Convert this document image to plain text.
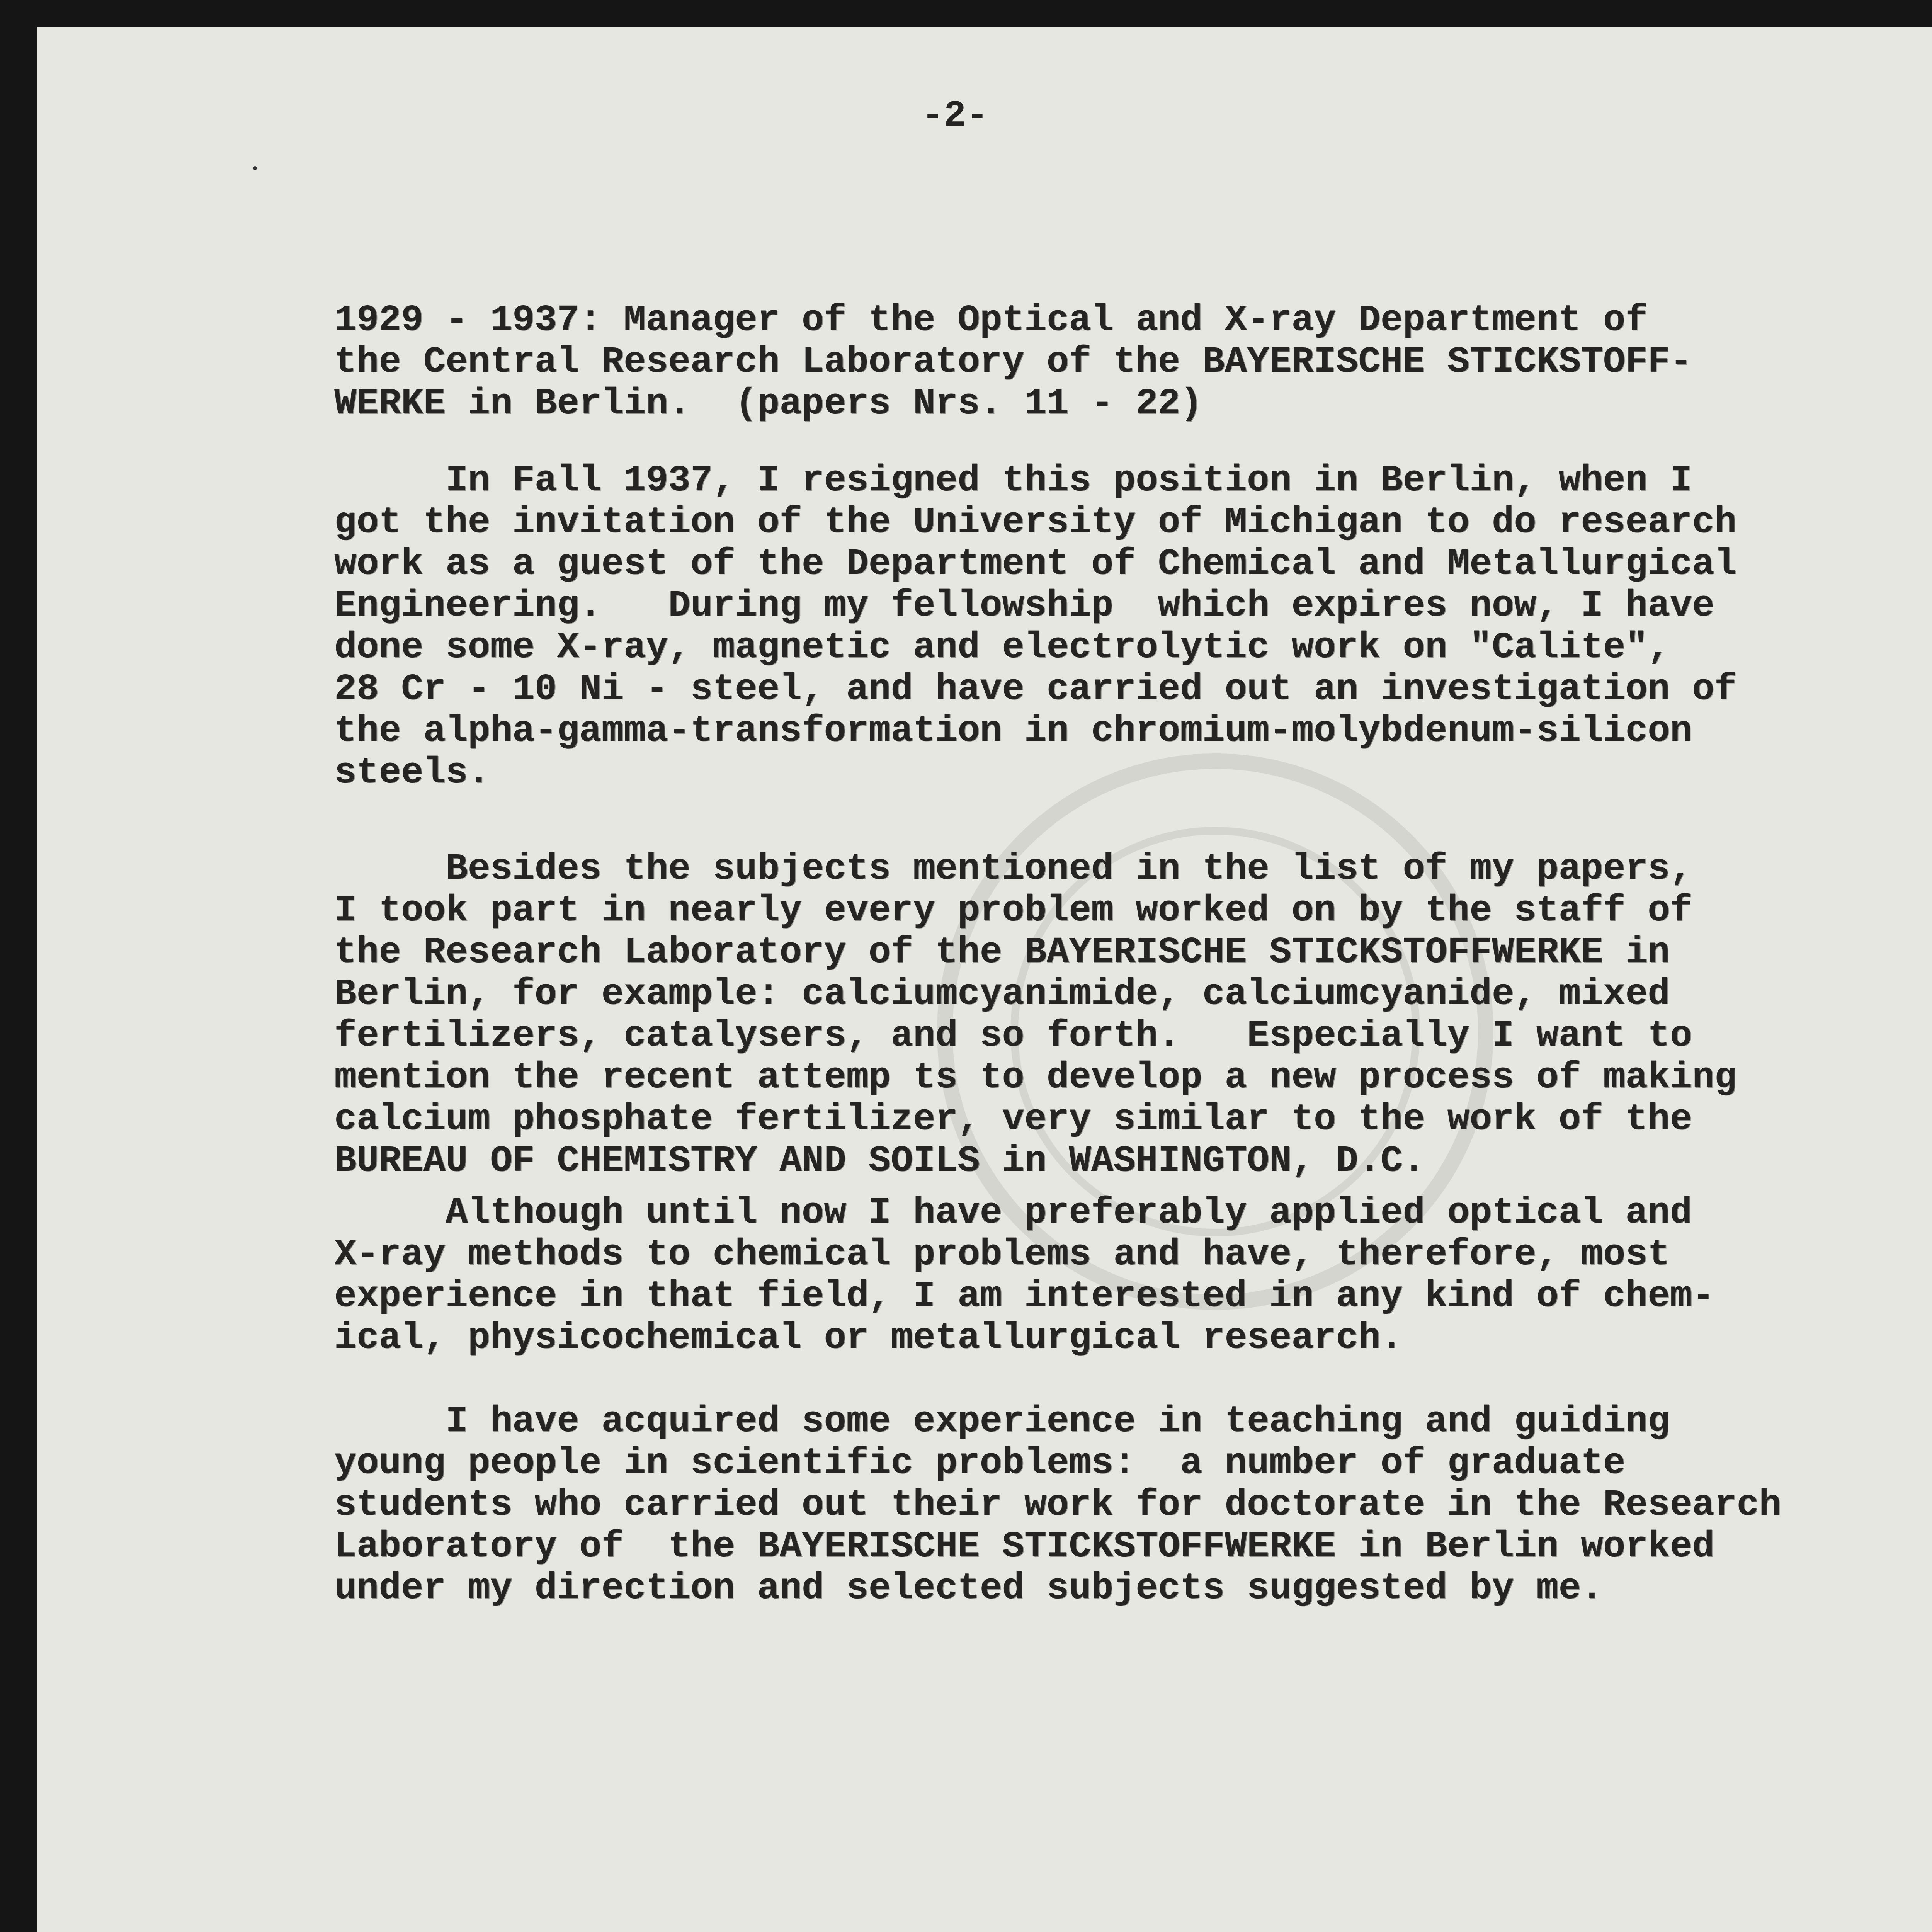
-2-

1929 - 1937: Manager of the Optical and X-ray Department of
the Central Research Laboratory of the BAYERISCHE STICKSTOFF-
WERKE in Berlin.  (papers Nrs. 11 - 22)

In Fall 1937, I resigned this position in Berlin, when I
got the invitation of the University of Michigan to do research
work as a guest of the Department of Chemical and Metallurgical
Engineering.   During my fellowship  which expires now, I have
done some X-ray, magnetic and electrolytic work on "Calite",
28 Cr - 10 Ni - steel, and have carried out an investigation of
the alpha-gamma-transformation in chromium-molybdenum-silicon
steels.

Besides the subjects mentioned in the list of my papers,
I took part in nearly every problem worked on by the staff of
the Research Laboratory of the BAYERISCHE STICKSTOFFWERKE in
Berlin, for example: calciumcyanimide, calciumcyanide, mixed
fertilizers, catalysers, and so forth.   Especially I want to
mention the recent attemp ts to develop a new process of making
calcium phosphate fertilizer, very similar to the work of the
BUREAU OF CHEMISTRY AND SOILS in WASHINGTON, D.C.

Although until now I have preferably applied optical and
X-ray methods to chemical problems and have, therefore, most
experience in that field, I am interested in any kind of chem-
ical, physicochemical or metallurgical research.

I have acquired some experience in teaching and guiding
young people in scientific problems:  a number of graduate
students who carried out their work for doctorate in the Research
Laboratory of  the BAYERISCHE STICKSTOFFWERKE in Berlin worked
under my direction and selected subjects suggested by me.
